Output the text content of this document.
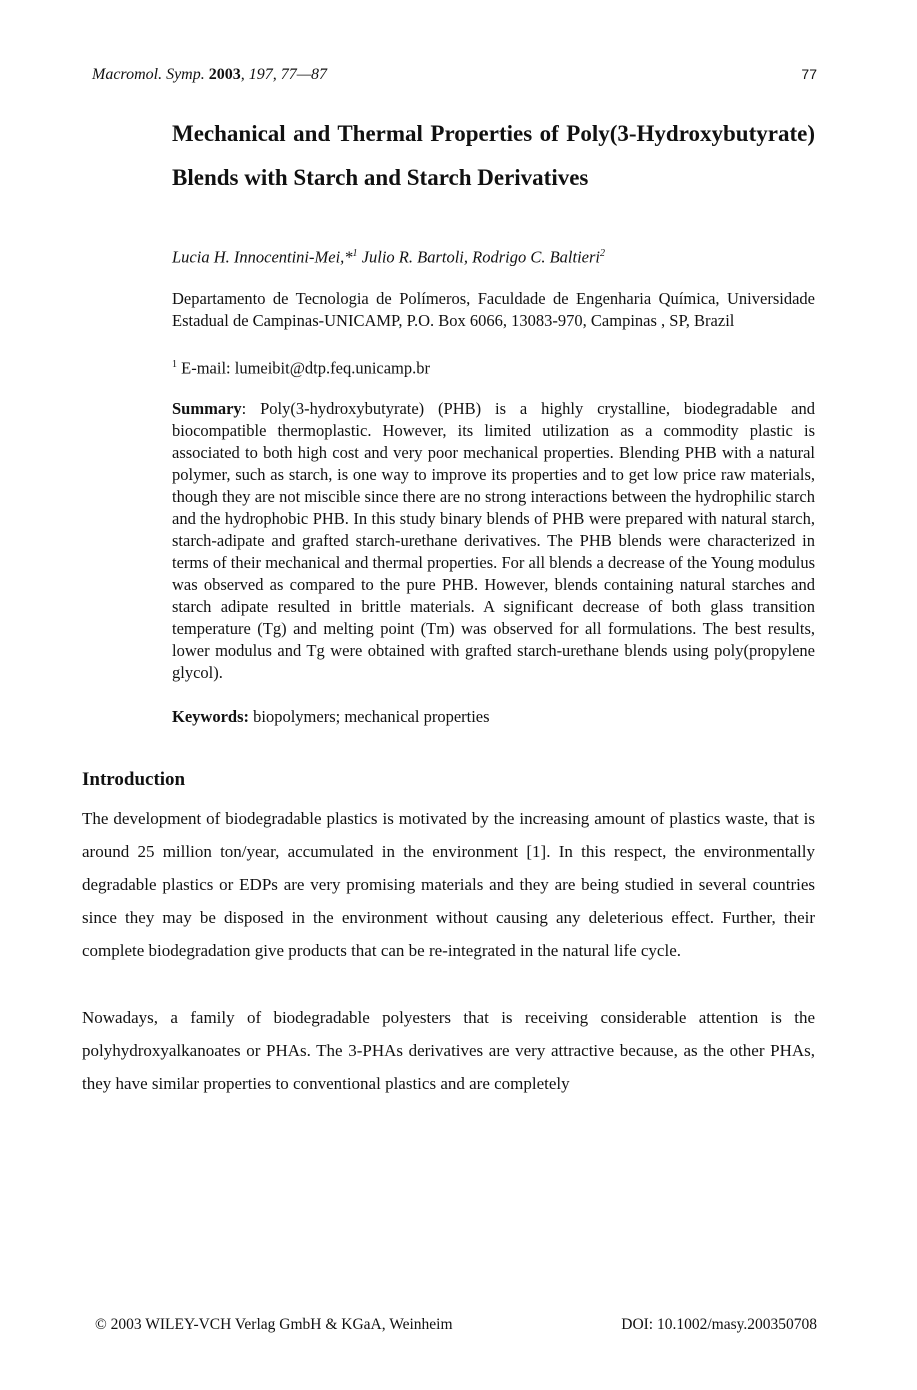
Macromol. Symp. 2003, 197, 77—87	77
Mechanical and Thermal Properties of Poly(3-Hydroxybutyrate) Blends with Starch and Starch Derivatives

Lucia H. Innocentini-Mei,*$^1$ Julio R. Bartoli, Rodrigo C. Baltieri$^2$

Departamento de Tecnologia de Polímeros, Faculdade de Engenharia Química, Universidade Estadual de Campinas-UNICAMP, P.O. Box 6066, 13083-970, Campinas , SP, Brazil

$^1$ E-mail: lumeibit@dtp.feq.unicamp.br

Summary: Poly(3-hydroxybutyrate) (PHB) is a highly crystalline, biodegradable and biocompatible thermoplastic. However, its limited utilization as a commodity plastic is associated to both high cost and very poor mechanical properties. Blending PHB with a natural polymer, such as starch, is one way to improve its properties and to get low price raw materials, though they are not miscible since there are no strong interactions between the hydrophilic starch and the hydrophobic PHB. In this study binary blends of PHB were prepared with natural starch, starch-adipate and grafted starch-urethane derivatives. The PHB blends were characterized in terms of their mechanical and thermal properties. For all blends a decrease of the Young modulus was observed as compared to the pure PHB. However, blends containing natural starches and starch adipate resulted in brittle materials. A significant decrease of both glass transition temperature (Tg) and melting point (Tm) was observed for all formulations. The best results, lower modulus and Tg were obtained with grafted starch-urethane blends using poly(propylene glycol).

Keywords: biopolymers; mechanical properties

Introduction

The development of biodegradable plastics is motivated by the increasing amount of plastics waste, that is around 25 million ton/year, accumulated in the environment [1]. In this respect, the environmentally degradable plastics or EDPs are very promising materials and they are being studied in several countries since they may be disposed in the environment without causing any deleterious effect. Further, their complete biodegradation give products that can be re-integrated in the natural life cycle.

Nowadays, a family of biodegradable polyesters that is receiving considerable attention is the polyhydroxyalkanoates or PHAs. The 3-PHAs derivatives are very attractive because, as the other PHAs, they have similar properties to conventional plastics and are completely

© 2003 WILEY-VCH Verlag GmbH & KGaA, Weinheim	DOI: 10.1002/masy.200350708
